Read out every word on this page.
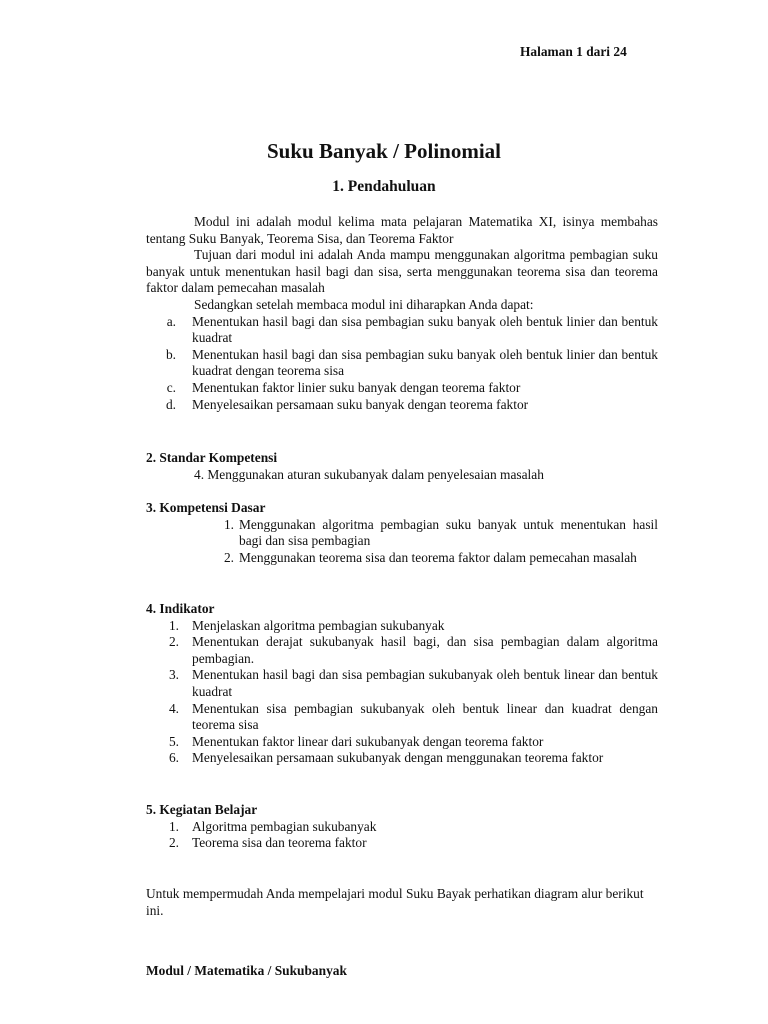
Halaman 1 dari 24
Suku Banyak / Polinomial
1. Pendahuluan

Modul ini adalah modul kelima mata pelajaran Matematika XI, isinya membahas tentang Suku Banyak, Teorema Sisa, dan Teorema Faktor

Tujuan dari modul ini adalah Anda mampu menggunakan algoritma pembagian suku banyak untuk menentukan hasil bagi dan sisa, serta menggunakan teorema sisa dan teorema faktor dalam pemecahan masalah

Sedangkan setelah membaca modul ini diharapkan Anda dapat:

a.	Menentukan hasil bagi dan sisa pembagian suku banyak oleh bentuk linier dan bentuk kuadrat
b.	Menentukan hasil bagi dan sisa pembagian suku banyak oleh bentuk linier dan bentuk kuadrat dengan teorema sisa
c.	Menentukan faktor linier suku banyak dengan teorema faktor
d.	Menyelesaikan persamaan suku banyak dengan teorema faktor

2. Standar Kompetensi

4. Menggunakan aturan sukubanyak dalam penyelesaian masalah

3. Kompetensi Dasar

1. Menggunakan algoritma pembagian suku banyak untuk menentukan hasil bagi dan sisa pembagian
2. Menggunakan teorema sisa dan teorema faktor dalam pemecahan masalah

4. Indikator

1. Menjelaskan algoritma pembagian sukubanyak
2. Menentukan derajat sukubanyak hasil bagi, dan sisa pembagian dalam algoritma pembagian.
3. Menentukan hasil bagi dan sisa pembagian sukubanyak oleh bentuk linear dan bentuk kuadrat
4. Menentukan sisa pembagian sukubanyak oleh bentuk linear dan kuadrat dengan teorema sisa
5. Menentukan faktor linear dari sukubanyak dengan teorema faktor
6. Menyelesaikan persamaan sukubanyak dengan menggunakan teorema faktor

5. Kegiatan Belajar

1. Algoritma pembagian sukubanyak
2. Teorema sisa dan teorema faktor

Untuk mempermudah Anda mempelajari modul Suku Bayak perhatikan diagram alur berikut ini.

Modul / Matematika / Sukubanyak
